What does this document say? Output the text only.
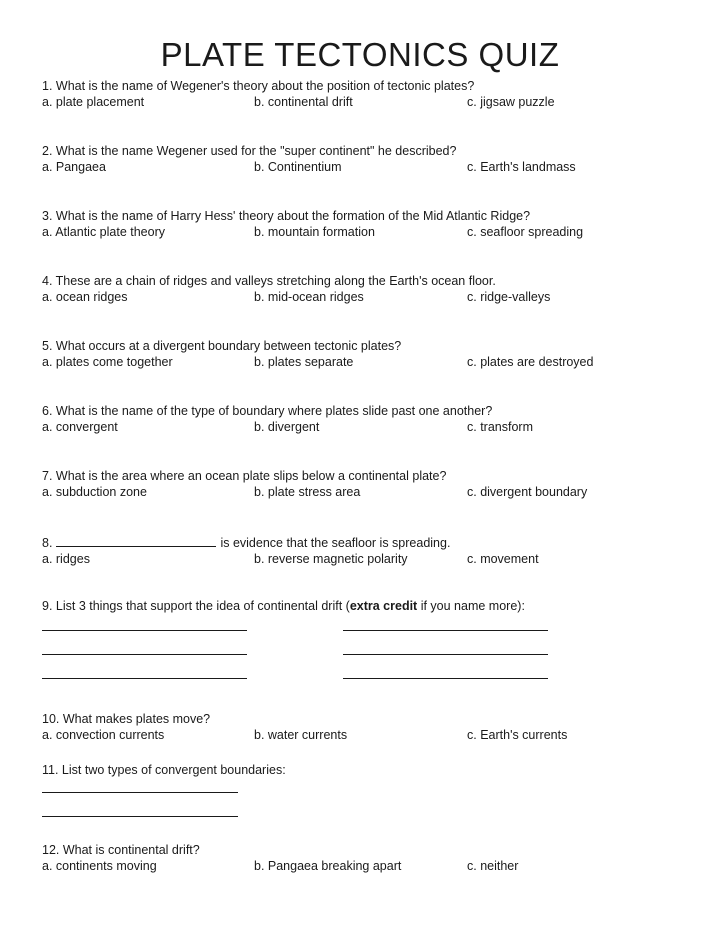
PLATE TECTONICS QUIZ

1. What is the name of Wegener's theory about the position of tectonic plates?

a. plate placement	b. continental drift	c. jigsaw puzzle

2. What is the name Wegener used for the "super continent" he described?

a. Pangaea	b. Continentium	c. Earth's landmass

3. What is the name of Harry Hess' theory about the formation of the Mid Atlantic Ridge?

a. Atlantic plate theory	b. mountain formation	c. seafloor spreading

4. These are a chain of ridges and valleys stretching along the Earth's ocean floor.

a. ocean ridges	b. mid-ocean ridges	c. ridge-valleys

5. What occurs at a divergent boundary between tectonic plates?

a. plates come together	b. plates separate	c. plates are destroyed

6. What is the name of the type of boundary where plates slide past one another?

a. convergent	b. divergent	c. transform

7. What is the area where an ocean plate slips below a continental plate?

a. subduction zone	b. plate stress area	c. divergent boundary

8.	is evidence that the seafloor is spreading.

a. ridges	b. reverse magnetic polarity	c. movement

9. List 3 things that support the idea of continental drift (extra credit if you name more):

10. What makes plates move?

a. convection currents	b. water currents	c. Earth's currents

11. List two types of convergent boundaries:

12. What is continental drift?

a. continents moving	b. Pangaea breaking apart	c. neither
